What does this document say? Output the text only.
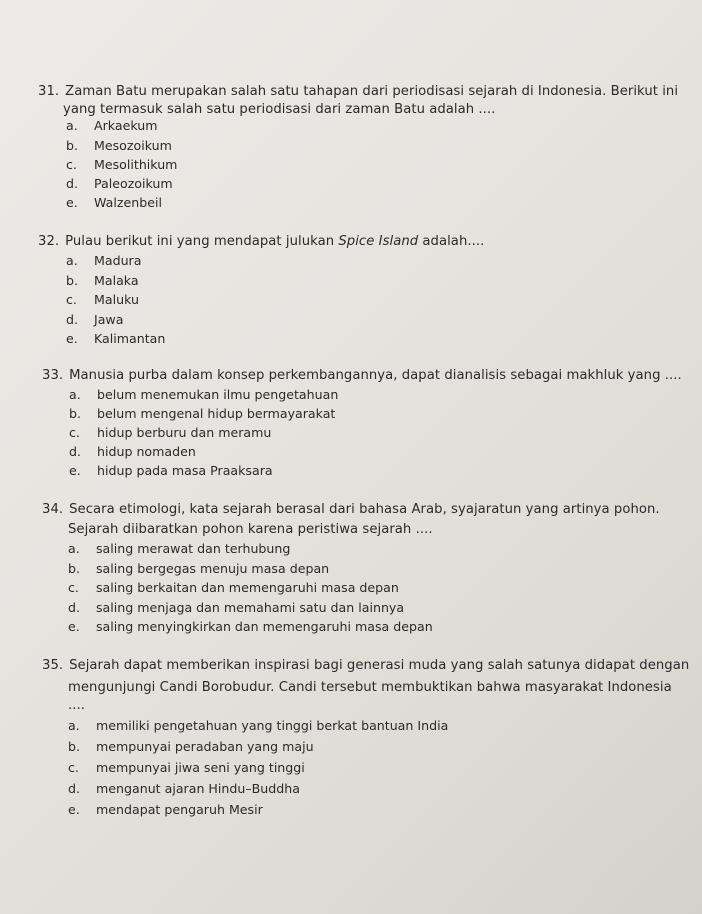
31. Zaman Batu merupakan salah satu tahapan dari periodisasi sejarah di Indonesia. Berikut ini
yang termasuk salah satu periodisasi dari zaman Batu adalah ....
a. Arkaekum
b. Mesozoikum
c. Mesolithikum
d. Paleozoikum
e. Walzenbeil
32. Pulau berikut ini yang mendapat julukan Spice Island adalah....
a. Madura
b. Malaka
c. Maluku
d. Jawa
e. Kalimantan
33. Manusia purba dalam konsep perkembangannya, dapat dianalisis sebagai makhluk yang ....
a. belum menemukan ilmu pengetahuan
b. belum mengenal hidup bermayarakat
c. hidup berburu dan meramu
d. hidup nomaden
e. hidup pada masa Praaksara
34. Secara etimologi, kata sejarah berasal dari bahasa Arab, syajaratun yang artinya pohon.
Sejarah diibaratkan pohon karena peristiwa sejarah ....
a. saling merawat dan terhubung
b. saling bergegas menuju masa depan
c. saling berkaitan dan memengaruhi masa depan
d. saling menjaga dan memahami satu dan lainnya
e. saling menyingkirkan dan memengaruhi masa depan
35. Sejarah dapat memberikan inspirasi bagi generasi muda yang salah satunya didapat dengan
mengunjungi Candi Borobudur. Candi tersebut membuktikan bahwa masyarakat Indonesia
....
a. memiliki pengetahuan yang tinggi berkat bantuan India
b. mempunyai peradaban yang maju
c. mempunyai jiwa seni yang tinggi
d. menganut ajaran Hindu–Buddha
e. mendapat pengaruh Mesir
